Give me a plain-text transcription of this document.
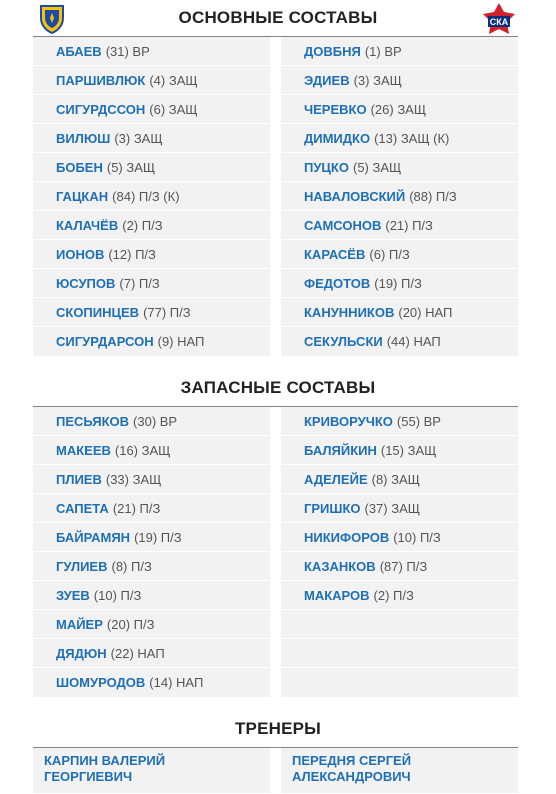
СКА
ОСНОВНЫЕ СОСТАВЫ
АБАЕВ (31) ВР
ПАРШИВЛЮК (4) ЗАЩ
СИГУРДССОН (6) ЗАЩ
ВИЛЮШ (3) ЗАЩ
БОБЕН (5) ЗАЩ
ГАЦКАН (84) П/З (К)
КАЛАЧЁВ (2) П/З
ИОНОВ (12) П/З
ЮСУПОВ (7) П/З
СКОПИНЦЕВ (77) П/З
СИГУРДАРСОН (9) НАП
ДОВБНЯ (1) ВР
ЭДИЕВ (3) ЗАЩ
ЧЕРЕВКО (26) ЗАЩ
ДИМИДКО (13) ЗАЩ (К)
ПУЦКО (5) ЗАЩ
НАВАЛОВСКИЙ (88) П/З
САМСОНОВ (21) П/З
КАРАСЁВ (6) П/З
ФЕДОТОВ (19) П/З
КАНУННИКОВ (20) НАП
СЕКУЛЬСКИ (44) НАП
ЗАПАСНЫЕ СОСТАВЫ
ПЕСЬЯКОВ (30) ВР
МАКЕЕВ (16) ЗАЩ
ПЛИЕВ (33) ЗАЩ
САПЕТА (21) П/З
БАЙРАМЯН (19) П/З
ГУЛИЕВ (8) П/З
ЗУЕВ (10) П/З
МАЙЕР (20) П/З
ДЯДЮН (22) НАП
ШОМУРОДОВ (14) НАП
КРИВОРУЧКО (55) ВР
БАЛЯЙКИН (15) ЗАЩ
АДЕЛЕЙЕ (8) ЗАЩ
ГРИШКО (37) ЗАЩ
НИКИФОРОВ (10) П/З
КАЗАНКОВ (87) П/З
МАКАРОВ (2) П/З
ТРЕНЕРЫ
КАРПИН ВАЛЕРИЙ
ГЕОРГИЕВИЧ
ПЕРЕДНЯ СЕРГЕЙ
АЛЕКСАНДРОВИЧ
